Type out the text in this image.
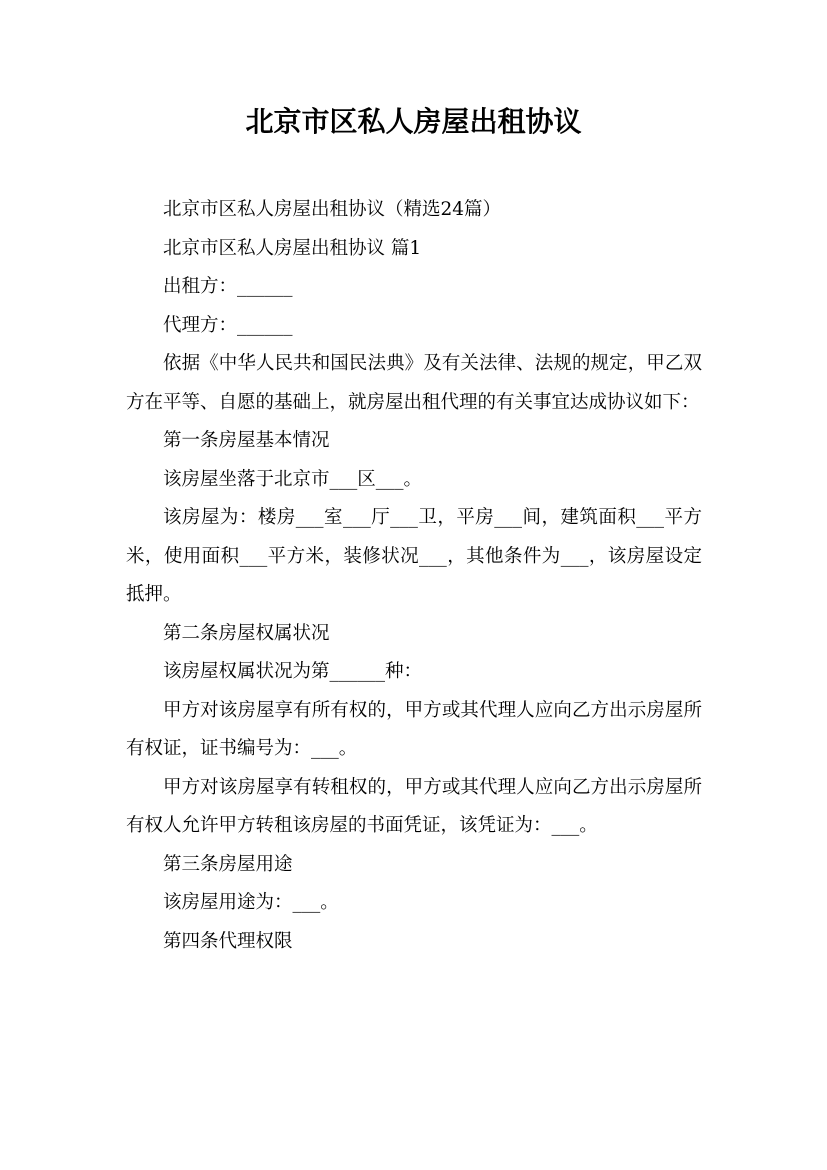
北京市区私人房屋出租协议

北京市区私人房屋出租协议（精选24篇）

北京市区私人房屋出租协议 篇1

出租方：______

代理方：______

依据《中华人民共和国民法典》及有关法律、法规的规定，甲乙双方在平等、自愿的基础上，就房屋出租代理的有关事宜达成协议如下：

第一条房屋基本情况

该房屋坐落于北京市___区___。

该房屋为：楼房___室___厅___卫，平房___间，建筑面积___平方米，使用面积___平方米，装修状况___，其他条件为___，该房屋设定抵押。

第二条房屋权属状况

该房屋权属状况为第______种：

甲方对该房屋享有所有权的，甲方或其代理人应向乙方出示房屋所有权证，证书编号为：___。

甲方对该房屋享有转租权的，甲方或其代理人应向乙方出示房屋所有权人允许甲方转租该房屋的书面凭证，该凭证为：___。

第三条房屋用途

该房屋用途为：___。

第四条代理权限
